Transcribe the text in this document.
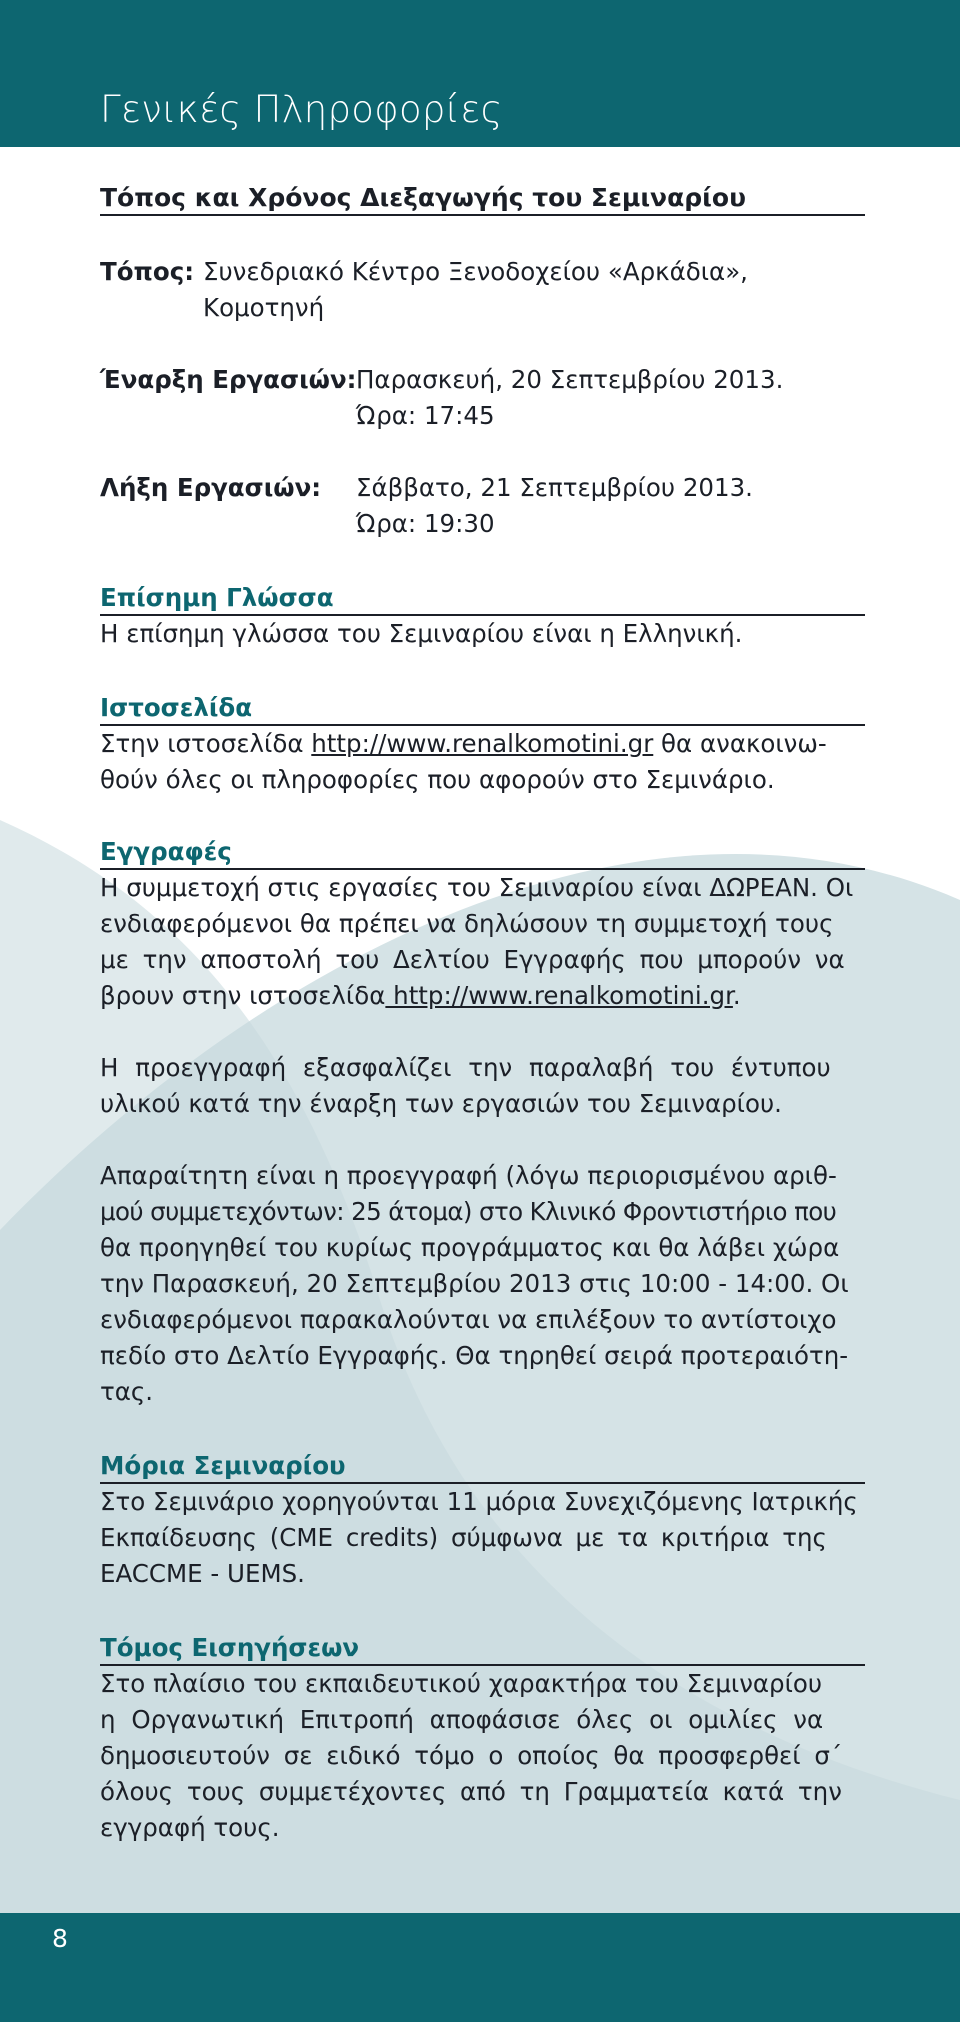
Γενικές Πληροφορίες
Τόπος και Χρόνος Διεξαγωγής του Σεμιναρίου
Τόπος: Συνεδριακό Κέντρο Ξενοδοχείου «Αρκάδια»,
Κομοτηνή
Έναρξη Εργασιών: Παρασκευή, 20 Σεπτεμβρίου 2013.
Ώρα: 17:45
Λήξη Εργασιών: Σάββατο, 21 Σεπτεμβρίου 2013.
Ώρα: 19:30
Επίσημη Γλώσσα
Η επίσημη γλώσσα του Σεμιναρίου είναι η Ελληνική.
Ιστοσελίδα
Στην ιστοσελίδα http://www.renalkomotini.gr θα ανακοινω-
θούν όλες οι πληροφορίες που αφορούν στο Σεμινάριο.
Εγγραφές
Η συμμετοχή στις εργασίες του Σεμιναρίου είναι ΔΩΡΕΑΝ. Οι
ενδιαφερόμενοι θα πρέπει να δηλώσουν τη συμμετοχή τους
με την αποστολή του Δελτίου Εγγραφής που μπορούν να
βρουν στην ιστοσελίδα http://www.renalkomotini.gr.
Η προεγγραφή εξασφαλίζει την παραλαβή του έντυπου
υλικού κατά την έναρξη των εργασιών του Σεμιναρίου.
Απαραίτητη είναι η προεγγραφή (λόγω περιορισμένου αριθ-
μού συμμετεχόντων: 25 άτομα) στο Κλινικό Φροντιστήριο που
θα προηγηθεί του κυρίως προγράμματος και θα λάβει χώρα
την Παρασκευή, 20 Σεπτεμβρίου 2013 στις 10:00 - 14:00. Οι
ενδιαφερόμενοι παρακαλούνται να επιλέξουν το αντίστοιχο
πεδίο στο Δελτίο Εγγραφής. Θα τηρηθεί σειρά προτεραιότη-
τας.
Μόρια Σεμιναρίου
Στο Σεμινάριο χορηγούνται 11 μόρια Συνεχιζόμενης Ιατρικής
Εκπαίδευσης (CME credits) σύμφωνα με τα κριτήρια της
EACCME - UEMS.
Τόμος Εισηγήσεων
Στο πλαίσιο του εκπαιδευτικού χαρακτήρα του Σεμιναρίου
η Οργανωτική Επιτροπή αποφάσισε όλες οι ομιλίες να
δημοσιευτούν σε ειδικό τόμο ο οποίος θα προσφερθεί σ΄
όλους τους συμμετέχοντες από τη Γραμματεία κατά την
εγγραφή τους.
8
